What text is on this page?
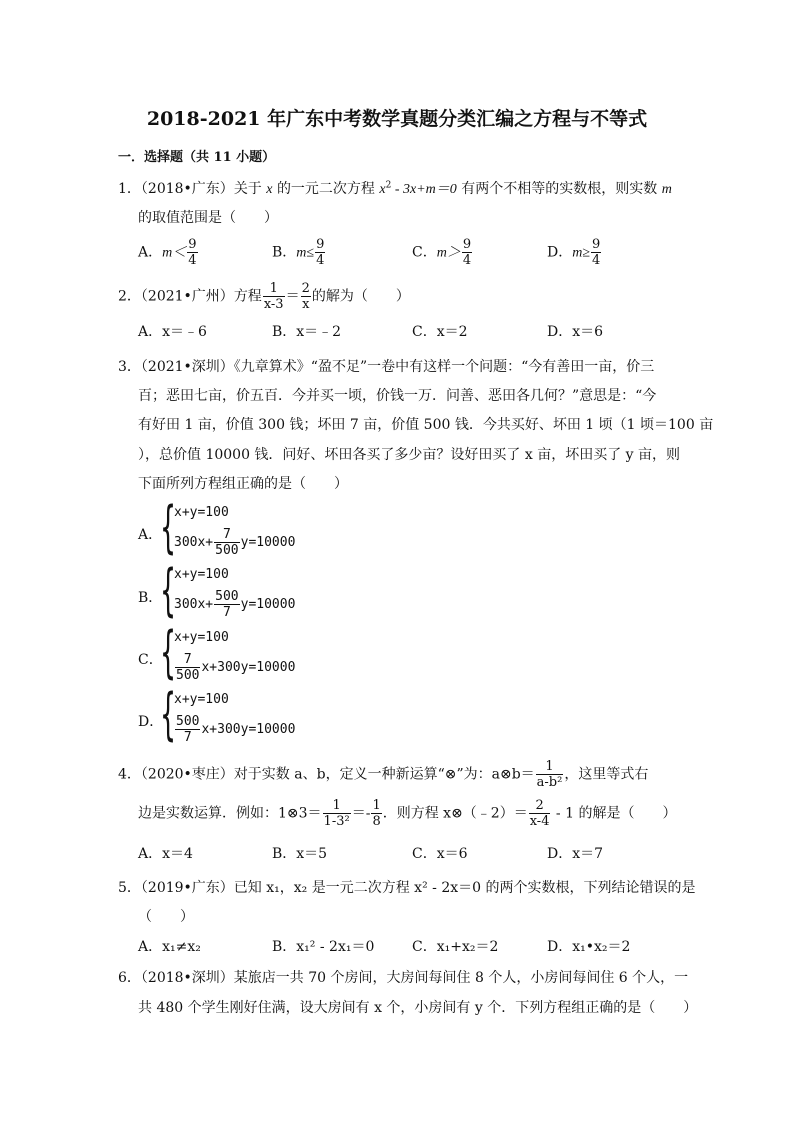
2018-2021 年广东中考数学真题分类汇编之方程与不等式
一．选择题（共 11 小题）
1．（2018•广东）关于 x 的一元二次方程 $x^2 - 3x+m=0$ 有两个不相等的实数根，则实数 m
的取值范围是（　　）
A．$m< \frac{9}{4}$	B．$m\le \frac{9}{4}$	C．$m> \frac{9}{4}$	D．$m\ge \frac{9}{4}$
2．（2021•广州）方程 $\frac{1}{x-3} = \frac{2}{x}$ 的解为（　　）
A．x＝﹣6	B．x＝﹣2	C．x＝2	D．x＝6
3．（2021•深圳）《九章算术》“盈不足”一卷中有这样一个问题：“今有善田一亩，价三
百；恶田七亩，价五百．今并买一顷，价钱一万．问善、恶田各几何？”意思是：“今
有好田 1 亩，价值 300 钱；坏田 7 亩，价值 500 钱．今共买好、坏田 1 顷（1 顷＝100 亩
），总价值 10000 钱．问好、坏田各买了多少亩？设好田买了 x 亩，坏田买了 y 亩，则
下面所列方程组正确的是（　　）
A．
{
x+y=100
$300x+ \frac{7}{500} y=10000$
B．
{
x+y=100
$300x+ \frac{500}{7} y=10000$
C．
{
x+y=100
$\frac{7}{500} x+300y=10000$
D．
{
x+y=100
$\frac{500}{7} x+300y=10000$
4．（2020•枣庄）对于实数 a、b，定义一种新运算“⊗”为：a⊗b＝ $\frac{1}{\text{a-b²}}$ ，这里等式右
边是实数运算．例如：1⊗3＝ $\frac{1}{\text{1-3²}} =- \frac{1}{8}$ ．则方程 x⊗（﹣2）＝ $\frac{2}{x-4} - 1$ 的解是（　　）
A．x＝4	B．x＝5	C．x＝6	D．x＝7
5．（2019•广东）已知 x₁，x₂ 是一元二次方程 x² - 2x＝0 的两个实数根，下列结论错误的是
（　　）
A．x₁≠x₂	B．x₁² - 2x₁＝0	C．x₁+x₂＝2	D．x₁•x₂＝2
6．（2018•深圳）某旅店一共 70 个房间，大房间每间住 8 个人，小房间每间住 6 个人，一
共 480 个学生刚好住满，设大房间有 x 个，小房间有 y 个．下列方程组正确的是（　　）
